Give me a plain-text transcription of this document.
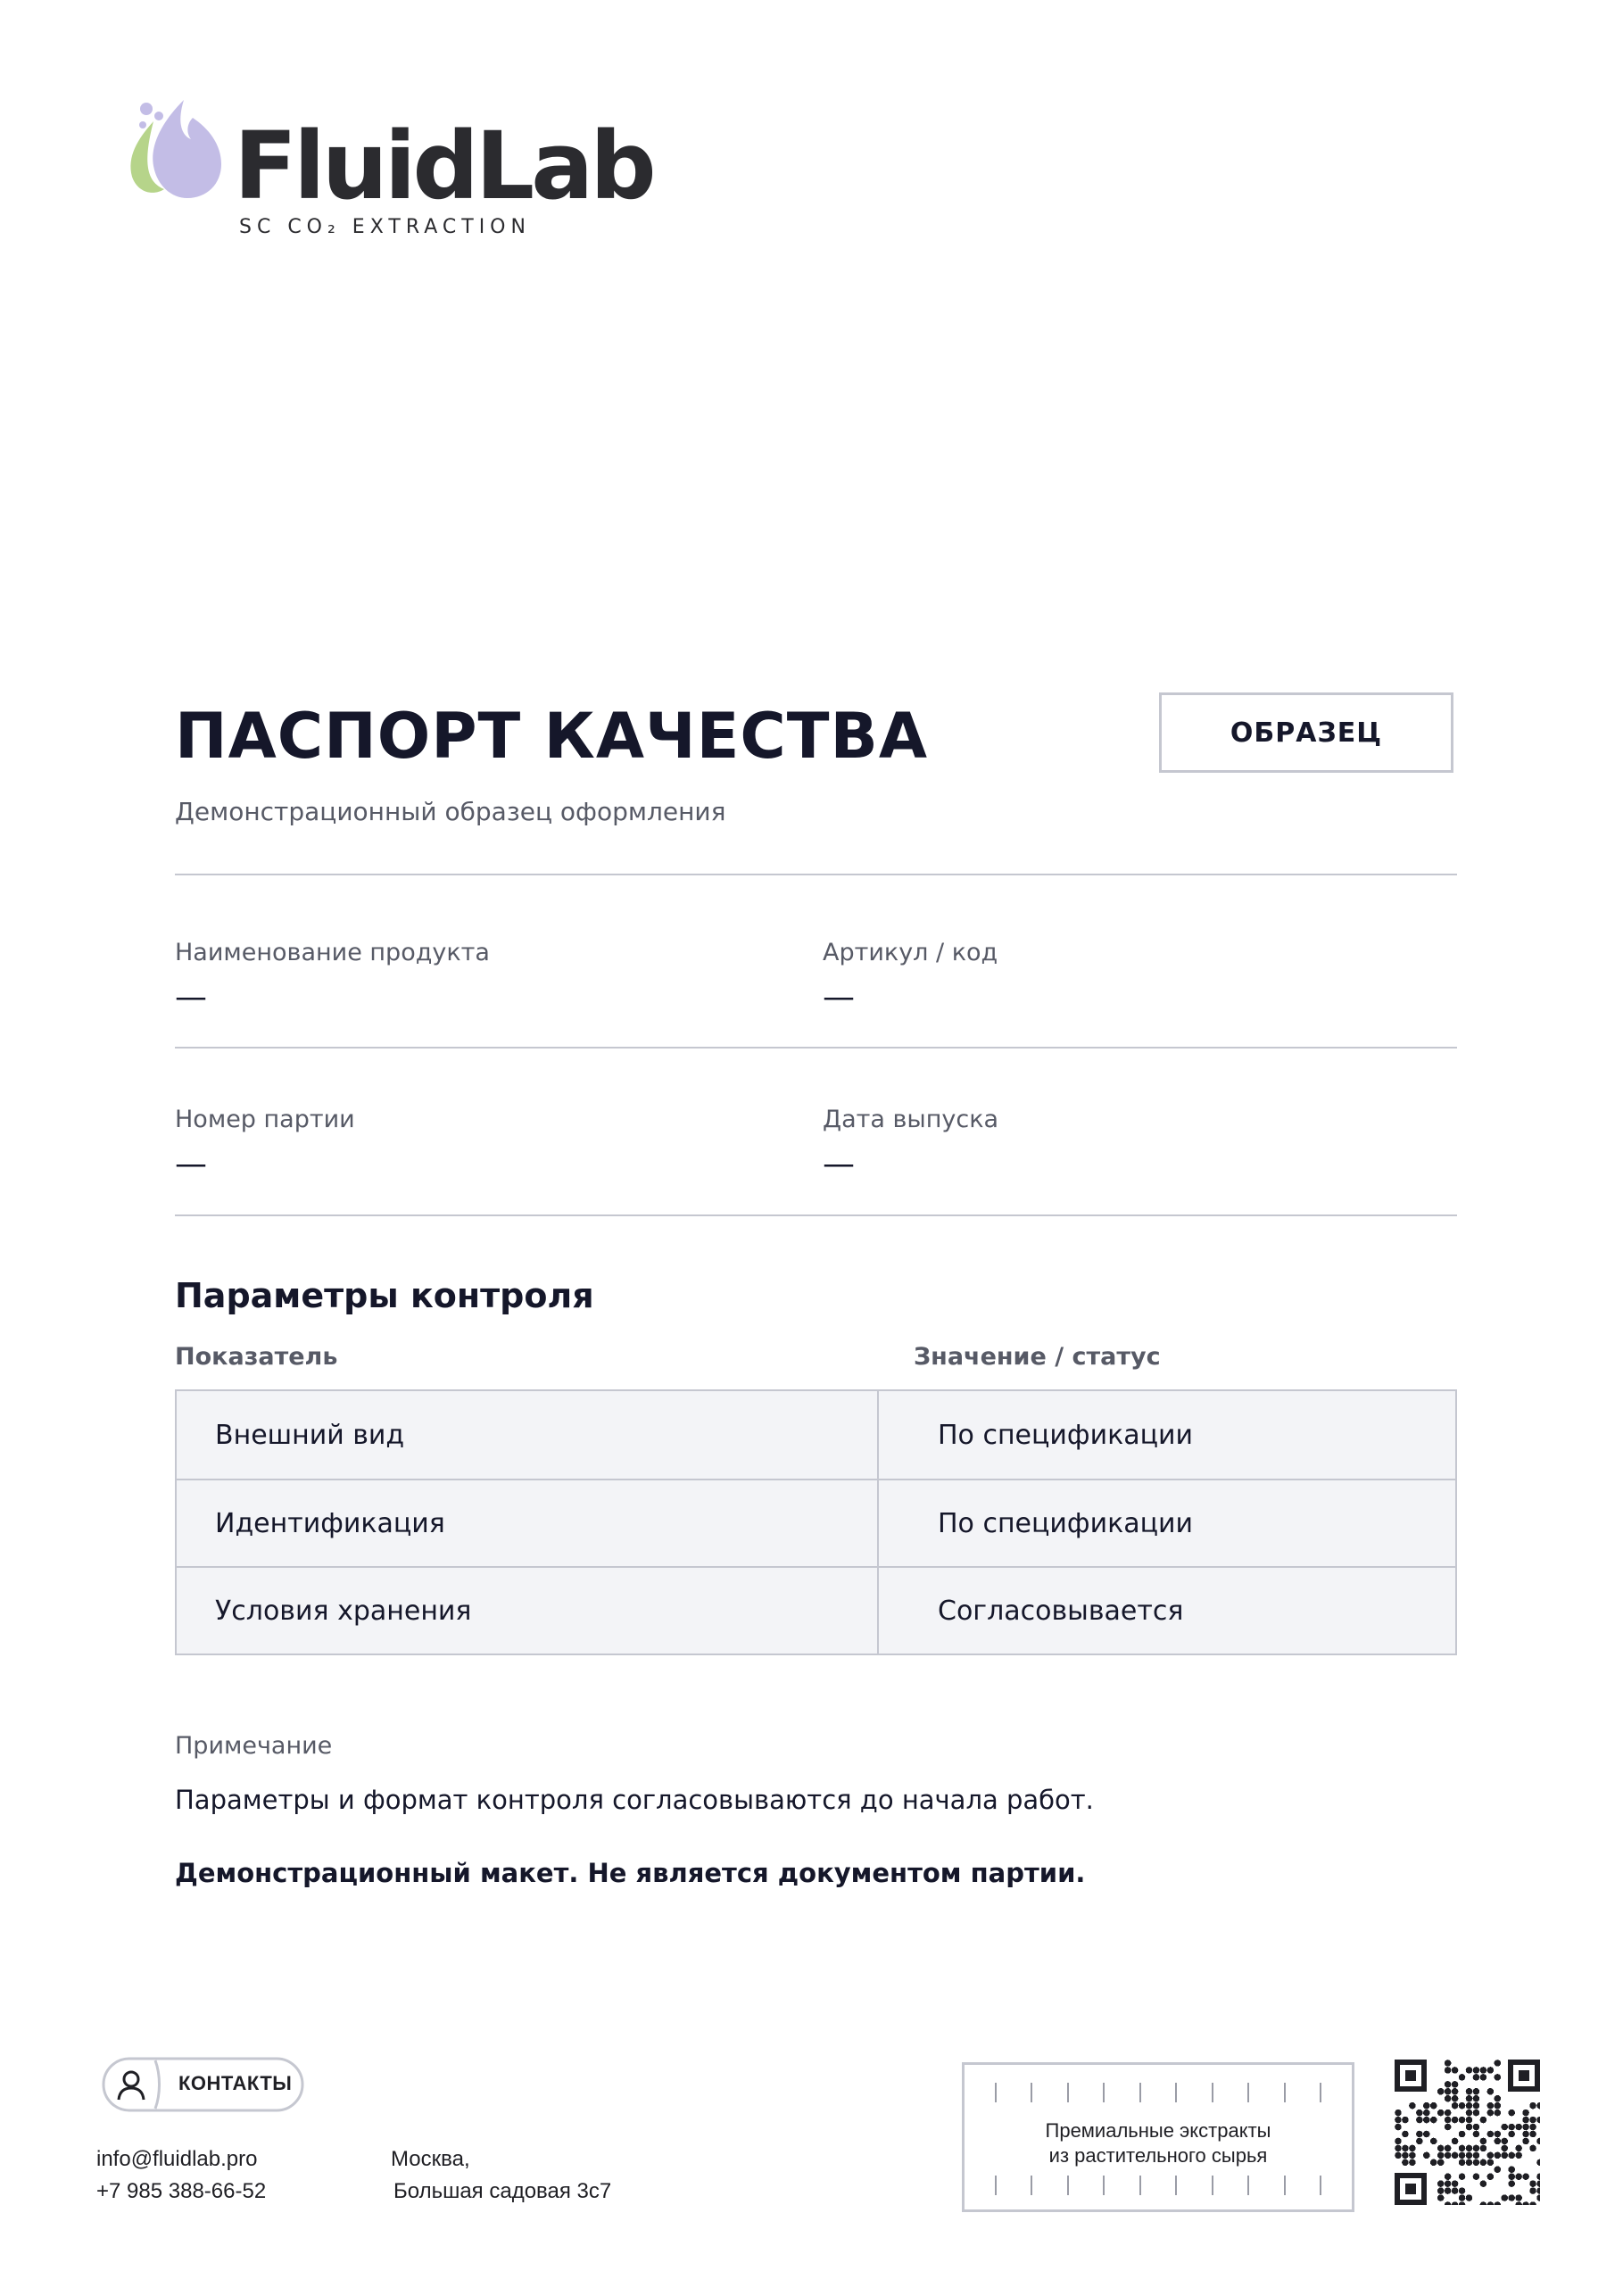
FluidLab
SC CO₂ EXTRACTION
ПАСПОРТ КАЧЕСТВА
Демонстрационный образец оформления
ОБРАЗЕЦ
Наименование продукта
—
Артикул / код
—
Номер партии
—
Дата выпуска
—
Параметры контроля
Показатель	Значение / статус
Внешний вид	По спецификации
Идентификация	По спецификации
Условия хранения	Согласовывается
Примечание
Параметры и формат контроля согласовываются до начала работ.
Демонстрационный макет. Не является документом партии.
КОНТАКТЫ
info@fluidlab.pro
+7 985 388-66-52
Москва,
Большая садовая 3с7
Премиальные экстракты
из растительного сырья
